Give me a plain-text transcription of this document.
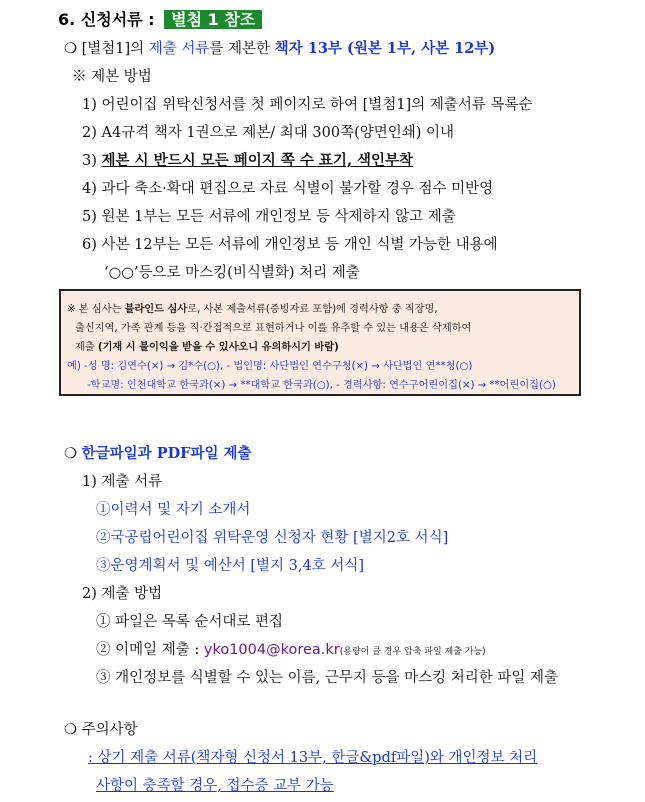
6. 신청서류 : 별첨 1 참조
❍ [별첨1]의 제출 서류를 제본한 책자 13부 (원본 1부, 사본 12부)
※ 제본 방법
1) 어린이집 위탁신청서를 첫 페이지로 하여 [별첨1]의 제출서류 목록순
2) A4규격 책자 1권으로 제본/ 최대 300쪽(양면인쇄) 이내
3) 제본 시 반드시 모든 페이지 쪽 수 표기, 색인부착
4) 과다 축소·확대 편집으로 자료 식별이 불가할 경우 점수 미반영
5) 원본 1부는 모든 서류에 개인정보 등 삭제하지 않고 제출
6) 사본 12부는 모든 서류에 개인정보 등 개인 식별 가능한 내용에
‘○○’등으로 마스킹(비식별화) 처리 제출
※ 본 심사는 블라인드 심사로, 사본 제출서류(증빙자료 포함)에 경력사항 중 직장명,
출신지역, 가족 관계 등을 직·간접적으로 표현하거나 이를 유추할 수 있는 내용은 삭제하여
제출 (기재 시 불이익을 받을 수 있사오니 유의하시기 바람)
예) -성 명: 김연수(×) → 김*수(○), - 법인명: 사단법인 연수구청(×) → 사단법인 연**청(○)
-학교명: 인천대학교 한국과(×) → **대학교 한국과(○), - 경력사항: 연수구어린이집(×) → **어린이집(○)
❍ 한글파일과 PDF파일 제출
1) 제출 서류
①이력서 및 자기 소개서
②국공립어린이집 위탁운영 신청자 현황 [별지2호 서식]
③운영계획서 및 예산서 [별지 3,4호 서식]
2) 제출 방법
① 파일은 목록 순서대로 편집
② 이메일 제출 : yko1004@korea.kr(용량이 클 경우 압축 파일 제출 가능)
③ 개인정보를 식별할 수 있는 이름, 근무지 등을 마스킹 처리한 파일 제출
❍ 주의사항
: 상기 제출 서류(책자형 신청서 13부, 한글&pdf파일)와 개인정보 처리
사항이 충족할 경우, 접수증 교부 가능
